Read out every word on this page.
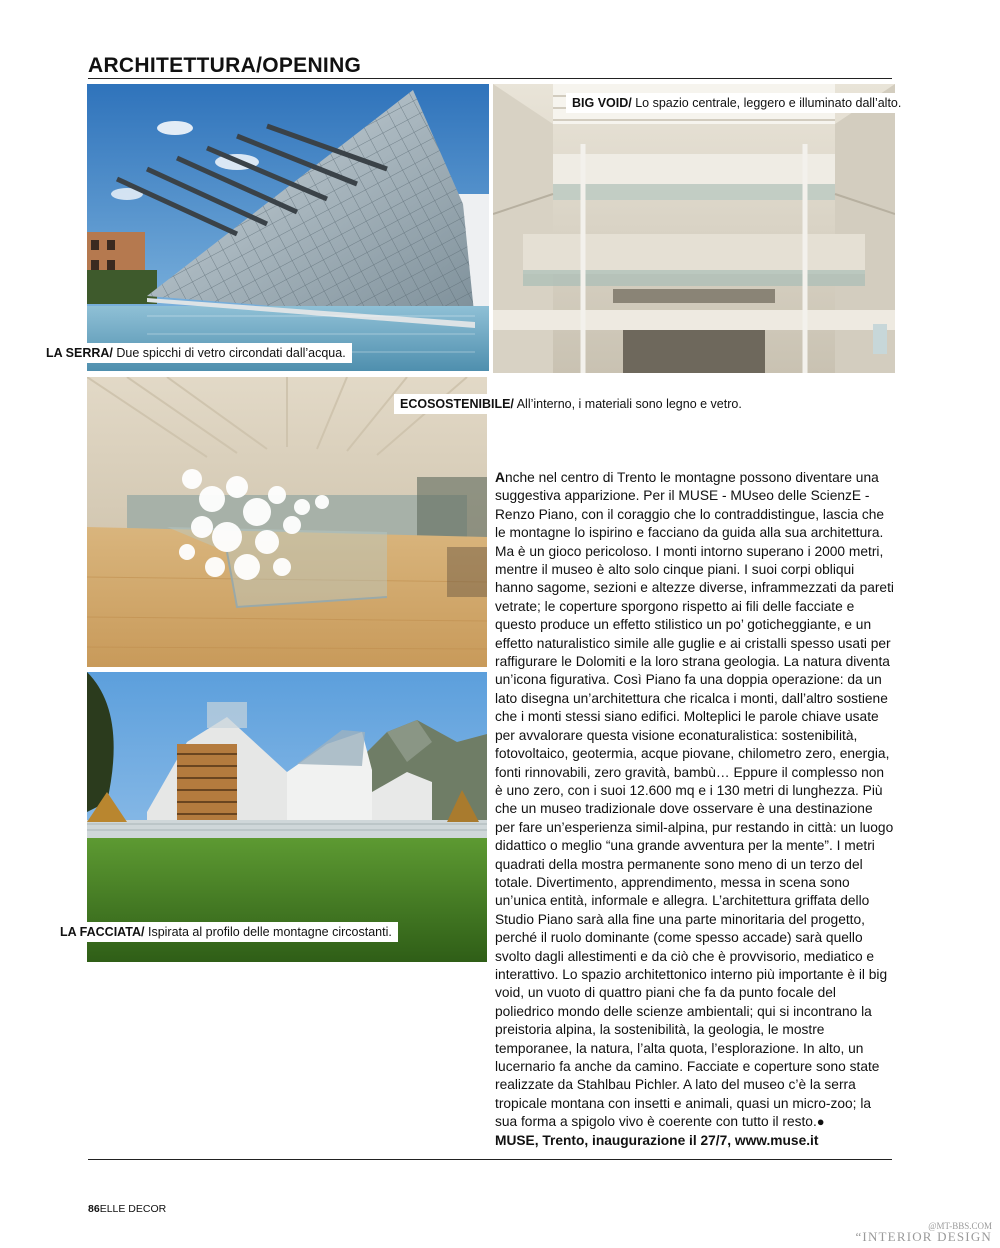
ARCHITETTURA/OPENING
LA SERRA/ Due spicchi di vetro circondati dall’acqua.
BIG VOID/ Lo spazio centrale, leggero e illuminato dall’alto.
ECOSOSTENIBILE/ All’interno, i materiali sono legno e vetro.
LA FACCIATA/ Ispirata al profilo delle montagne circostanti.
Anche nel centro di Trento le montagne possono diventare una suggestiva apparizione. Per il MUSE - MUseo delle ScienzE - Renzo Piano, con il coraggio che lo contraddistingue, lascia che le montagne lo ispirino e facciano da guida alla sua architettura. Ma è un gioco pericoloso. I monti intorno superano i 2000 metri, mentre il museo è alto solo cinque piani. I suoi corpi obliqui hanno sagome, sezioni e altezze diverse, inframmezzati da pareti vetrate; le coperture sporgono rispetto ai fili delle facciate e questo produce un effetto stilistico un po’ goticheggiante, e un effetto naturalistico simile alle guglie e ai cristalli spesso usati per raffigurare le Dolomiti e la loro strana geologia. La natura diventa un’icona figurativa. Così Piano fa una doppia operazione: da un lato disegna un’architettura che ricalca i monti, dall’altro sostiene che i monti stessi siano edifici. Molteplici le parole chiave usate per avvalorare questa visione econaturalistica: sostenibilità, fotovoltaico, geotermia, acque piovane, chilometro zero, energia, fonti rinnovabili, zero gravità, bambù… Eppure il complesso non è uno zero, con i suoi 12.600 mq e i 130 metri di lunghezza. Più che un museo tradizionale dove osservare è una destinazione per fare un’esperienza simil-alpina, pur restando in città: un luogo didattico o meglio “una grande avventura per la mente”. I metri quadrati della mostra permanente sono meno di un terzo del totale. Divertimento, apprendimento, messa in scena sono un’unica entità, informale e allegra. L’architettura griffata dello Studio Piano sarà alla fine una parte minoritaria del progetto, perché il ruolo dominante (come spesso accade) sarà quello svolto dagli allestimenti e da ciò che è provvisorio, mediatico e interattivo. Lo spazio architettonico interno più importante è il big void, un vuoto di quattro piani che fa da punto focale del poliedrico mondo delle scienze ambientali; qui si incontrano la preistoria alpina, la sostenibilità, la geologia, le mostre temporanee, la natura, l’alta quota, l’esplorazione. In alto, un lucernario fa anche da camino. Facciate e coperture sono state realizzate da Stahlbau Pichler. A lato del museo c’è la serra tropicale montana con insetti e animali, quasi un micro-zoo; la sua forma a spigolo vivo è coerente con tutto il resto.●
MUSE, Trento, inaugurazione il 27/7, www.muse.it
86ELLE DECOR
@MT-BBS.COM
“INTERIOR DESIGN
